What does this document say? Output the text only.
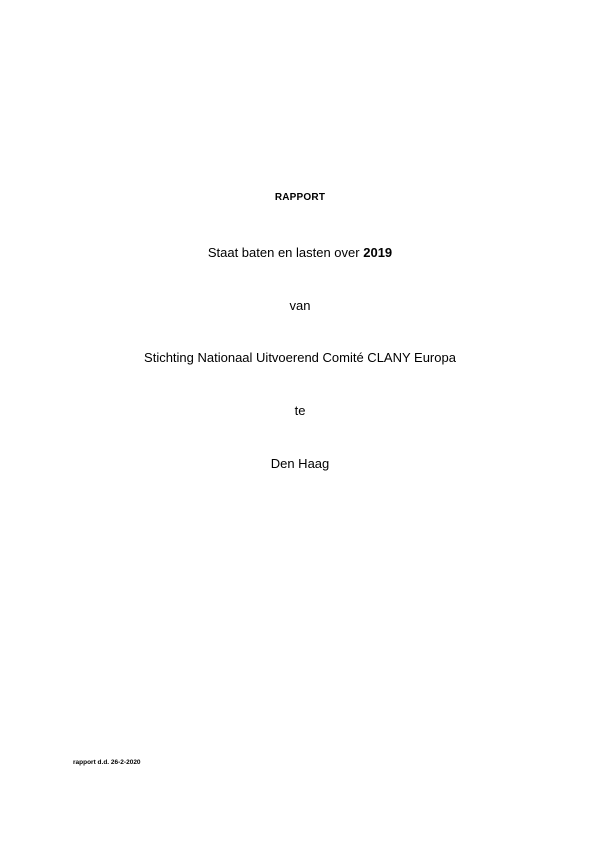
RAPPORT
Staat baten en lasten over 2019
van
Stichting Nationaal Uitvoerend Comité CLANY Europa
te
Den Haag
rapport d.d. 26-2-2020
